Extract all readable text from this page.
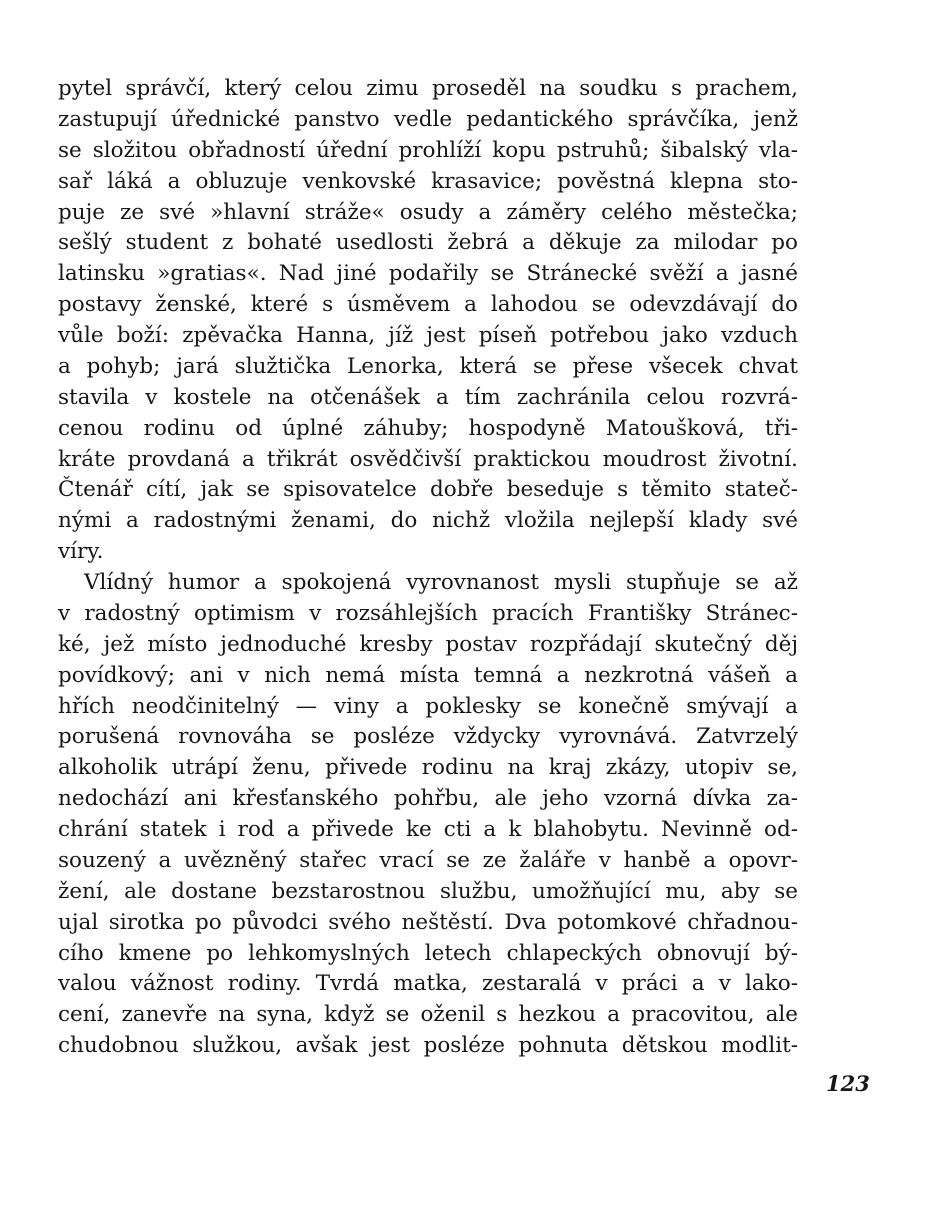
pytel správčí, který celou zimu proseděl na soudku s prachem,
zastupují úřednické panstvo vedle pedantického správčíka, jenž
se složitou obřadností úřední prohlíží kopu pstruhů; šibalský vla-
sař láká a obluzuje venkovské krasavice; pověstná klepna sto-
puje ze své »hlavní stráže« osudy a záměry celého městečka;
sešlý student z bohaté usedlosti žebrá a děkuje za milodar po
latinsku »gratias«. Nad jiné podařily se Stránecké svěží a jasné
postavy ženské, které s úsměvem a lahodou se odevzdávají do
vůle boží: zpěvačka Hanna, jíž jest píseň potřebou jako vzduch
a pohyb; jará služtička Lenorka, která se přese všecek chvat
stavila v kostele na otčenášek a tím zachránila celou rozvrá-
cenou rodinu od úplné záhuby; hospodyně Matoušková, tři-
kráte provdaná a třikrát osvědčivší praktickou moudrost životní.
Čtenář cítí, jak se spisovatelce dobře beseduje s těmito stateč-
nými a radostnými ženami, do nichž vložila nejlepší klady své
víry.
Vlídný humor a spokojená vyrovnanost mysli stupňuje se až
v radostný optimism v rozsáhlejších pracích Františky Stránec-
ké, jež místo jednoduché kresby postav rozpřádají skutečný děj
povídkový; ani v nich nemá místa temná a nezkrotná vášeň a
hřích neodčinitelný — viny a poklesky se konečně smývají a
porušená rovnováha se posléze vždycky vyrovnává. Zatvrzelý
alkoholik utrápí ženu, přivede rodinu na kraj zkázy, utopiv se,
nedochází ani křesťanského pohřbu, ale jeho vzorná dívka za-
chrání statek i rod a přivede ke cti a k blahobytu. Nevinně od-
souzený a uvězněný stařec vrací se ze žaláře v hanbě a opovr-
žení, ale dostane bezstarostnou službu, umožňující mu, aby se
ujal sirotka po původci svého neštěstí. Dva potomkové chřadnou-
cího kmene po lehkomyslných letech chlapeckých obnovují bý-
valou vážnost rodiny. Tvrdá matka, zestaralá v práci a v lako-
cení, zanevře na syna, když se oženil s hezkou a pracovitou, ale
chudobnou služkou, avšak jest posléze pohnuta dětskou modlit-
123
